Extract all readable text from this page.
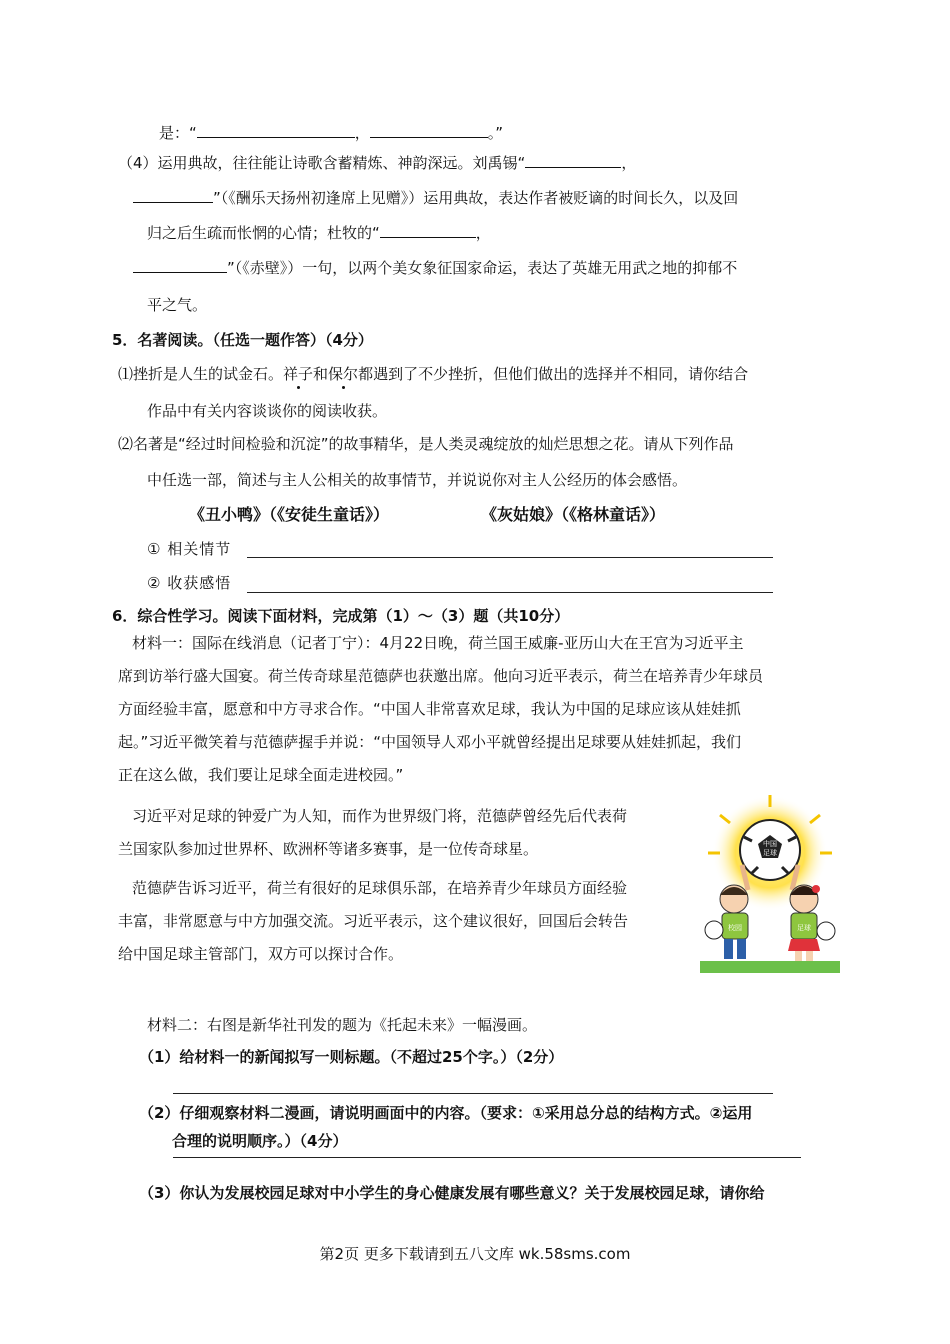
是：“	，	。”
（4）运用典故，往往能让诗歌含蓄精炼、神韵深远。刘禹锡“	，
”（《酬乐天扬州初逢席上见赠》）运用典故，表达作者被贬谪的时间长久，以及回
归之后生疏而怅惘的心情；杜牧的“	，
”（《赤壁》）一句，以两个美女象征国家命运，表达了英雄无用武之地的抑郁不
平之气。
5．名著阅读。（任选一题作答）（4分）
⑴挫折是人生的试金石。祥子和保尔都遇到了不少挫折，但他们做出的选择并不相同，请你结合
作品中有关内容谈谈你的阅读收获。
⑵名著是“经过时间检验和沉淀”的故事精华，是人类灵魂绽放的灿烂思想之花。请从下列作品
中任选一部，简述与主人公相关的故事情节，并说说你对主人公经历的体会感悟。
《丑小鸭》（《安徒生童话》）	《灰姑娘》（《格林童话》）
① 相关情节
② 收获感悟
6．综合性学习。阅读下面材料，完成第（1）～（3）题（共10分）
材料一：国际在线消息（记者丁宁）：4月22日晚，荷兰国王威廉-亚历山大在王宫为习近平主
席到访举行盛大国宴。荷兰传奇球星范德萨也获邀出席。他向习近平表示，荷兰在培养青少年球员
方面经验丰富，愿意和中方寻求合作。“中国人非常喜欢足球，我认为中国的足球应该从娃娃抓
起。”习近平微笑着与范德萨握手并说：“中国领导人邓小平就曾经提出足球要从娃娃抓起，我们
正在这么做，我们要让足球全面走进校园。”
习近平对足球的钟爱广为人知，而作为世界级门将，范德萨曾经先后代表荷
兰国家队参加过世界杯、欧洲杯等诸多赛事，是一位传奇球星。
范德萨告诉习近平，荷兰有很好的足球俱乐部，在培养青少年球员方面经验
丰富，非常愿意与中方加强交流。习近平表示，这个建议很好，回国后会转告
给中国足球主管部门，双方可以探讨合作。
中国
足球
校园	足球
材料二：右图是新华社刊发的题为《托起未来》一幅漫画。
（1）给材料一的新闻拟写一则标题。（不超过25个字。）（2分）
（2）仔细观察材料二漫画，请说明画面中的内容。（要求：①采用总分总的结构方式。②运用
合理的说明顺序。）（4分）
（3）你认为发展校园足球对中小学生的身心健康发展有哪些意义？关于发展校园足球，请你给
第2页 更多下载请到五八文库 wk.58sms.com
